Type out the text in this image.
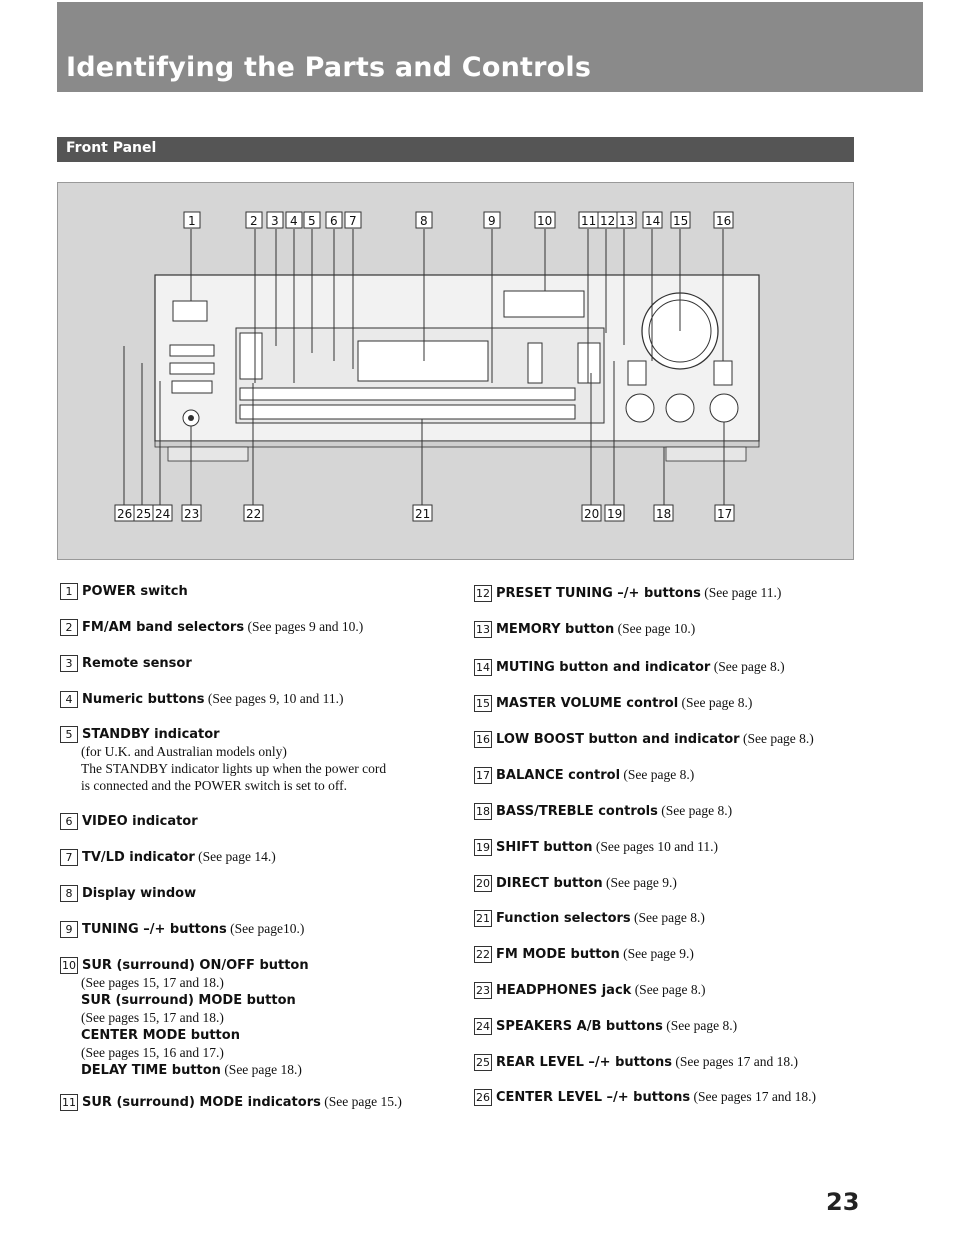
Identifying the Parts and Controls
Front Panel
1	2 3 4 5 6 7	8	9	10 11 12 13 14 15 16
26 25 24 23	22	21	20 19	18	17
1 POWER switch
2 FM/AM band selectors (See pages 9 and 10.)
3 Remote sensor
4 Numeric buttons (See pages 9, 10 and 11.)
5 STANDBY indicator
(for U.K. and Australian models only)
The STANDBY indicator lights up when the power cord
is connected and the POWER switch is set to off.
6 VIDEO indicator
7 TV/LD indicator (See page 14.)
8 Display window
9 TUNING –/+ buttons (See page10.)
10 SUR (surround) ON/OFF button
(See pages 15, 17 and 18.)
SUR (surround) MODE button
(See pages 15, 17 and 18.)
CENTER MODE button
(See pages 15, 16 and 17.)
DELAY TIME button (See page 18.)
11 SUR (surround) MODE indicators (See page 15.)
12 PRESET TUNING –/+ buttons (See page 11.)
13 MEMORY button (See page 10.)
14 MUTING button and indicator (See page 8.)
15 MASTER VOLUME control (See page 8.)
16 LOW BOOST button and indicator (See page 8.)
17 BALANCE control (See page 8.)
18 BASS/TREBLE controls (See page 8.)
19 SHIFT button (See pages 10 and 11.)
20 DIRECT button (See page 9.)
21 Function selectors (See page 8.)
22 FM MODE button (See page 9.)
23 HEADPHONES jack (See page 8.)
24 SPEAKERS A/B buttons (See page 8.)
25 REAR LEVEL –/+ buttons (See pages 17 and 18.)
26 CENTER LEVEL –/+ buttons (See pages 17 and 18.)
23
